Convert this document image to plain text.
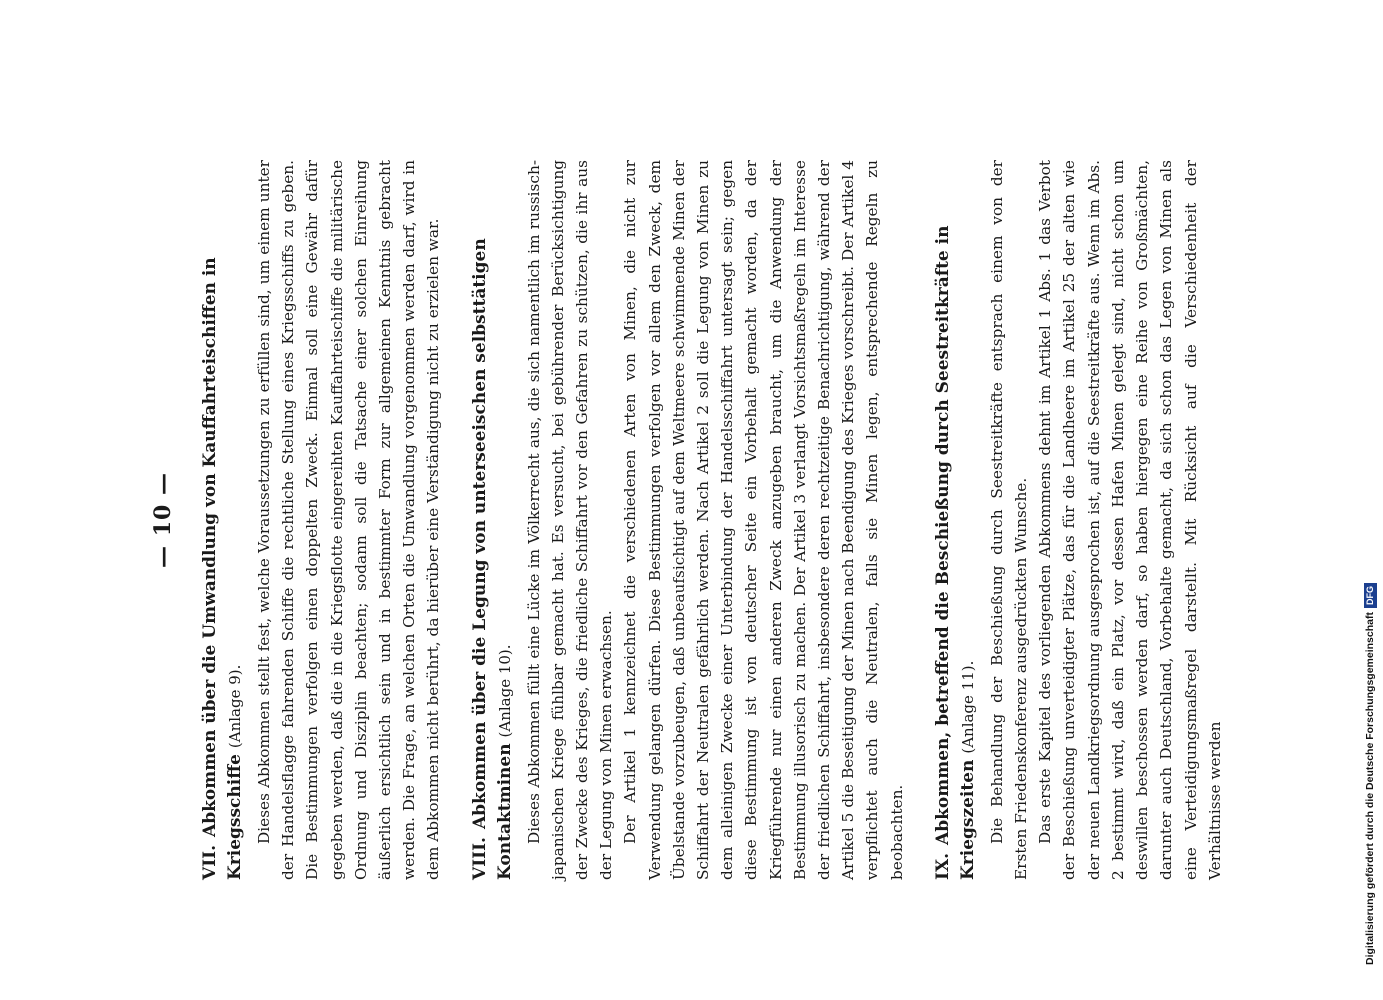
— 10 —
VII.Abkommen über die Umwandlung von Kauffahrteischiffen in Kriegsschiffe (Anlage 9). Dieses Abkommen stellt fest, welche Voraussetzungen zu erfüllen sind, um einem unter der Handelsflagge fahrenden Schiffe die rechtliche Stellung eines Kriegsschiffs zu geben. Die Bestimmungen verfolgen einen doppelten Zweck. Einmal soll eine Gewähr dafür gegeben werden, daß die in die Kriegsflotte eingereihten Kauffahrteischiffe die militärische Ordnung und Disziplin beachten; sodann soll die Tatsache einer solchen Einreihung äußerlich ersichtlich sein und in bestimmter Form zur allgemeinen Kenntnis gebracht werden. Die Frage, an welchen Orten die Umwandlung vorgenommen werden darf, wird in dem Abkommen nicht berührt, da hierüber eine Verständigung nicht zu erzielen war. VIII.Abkommen über die Legung von unterseeischen selbsttätigen Kontaktminen (Anlage 10). Dieses Abkommen füllt eine Lücke im Völkerrecht aus, die sich namentlich im russisch-japanischen Kriege fühlbar gemacht hat. Es versucht, bei gebührender Berücksichtigung der Zwecke des Krieges, die friedliche Schiffahrt vor den Gefahren zu schützen, die ihr aus der Legung von Minen erwachsen. Der Artikel 1 kennzeichnet die verschiedenen Arten von Minen, die nicht zur Verwendung gelangen dürfen. Diese Bestimmungen verfolgen vor allem den Zweck, dem Übelstande vorzubeugen, daß unbeaufsichtigt auf dem Weltmeere schwimmende Minen der Schiffahrt der Neutralen gefährlich werden. Nach Artikel 2 soll die Legung von Minen zu dem alleinigen Zwecke einer Unterbindung der Handelsschiffahrt untersagt sein; gegen diese Bestimmung ist von deutscher Seite ein Vorbehalt gemacht worden, da der Kriegführende nur einen anderen Zweck anzugeben braucht, um die Anwendung der Bestimmung illusorisch zu machen. Der Artikel 3 verlangt Vorsichtsmaßregeln im Interesse der friedlichen Schiffahrt, insbesondere deren rechtzeitige Benachrichtigung, während der Artikel 5 die Beseitigung der Minen nach Beendigung des Krieges vorschreibt. Der Artikel 4 verpflichtet auch die Neutralen, falls sie Minen legen, entsprechende Regeln zu beobachten. IX.Abkommen, betreffend die Beschießung durch Seestreitkräfte in Kriegszeiten (Anlage 11). Die Behandlung der Beschießung durch Seestreitkräfte entsprach einem von der Ersten Friedenskonferenz ausgedrückten Wunsche. Das erste Kapitel des vorliegenden Abkommens dehnt im Artikel 1 Abs. 1 das Verbot der Beschießung unverteidigter Plätze, das für die Landheere im Artikel 25 der alten wie der neuen Landkriegsordnung ausgesprochen ist, auf die Seestreitkräfte aus. Wenn im Abs. 2 bestimmt wird, daß ein Platz, vor dessen Hafen Minen gelegt sind, nicht schon um deswillen beschossen werden darf, so haben hiergegen eine Reihe von Großmächten, darunter auch Deutschland, Vorbehalte gemacht, da sich schon das Legen von Minen als eine Verteidigungsmaßregel darstellt. Mit Rücksicht auf die Verschiedenheit der Verhältnisse werden	Digitalisierung gefördert durch die Deutsche ForschungsgemeinschaftDFG
